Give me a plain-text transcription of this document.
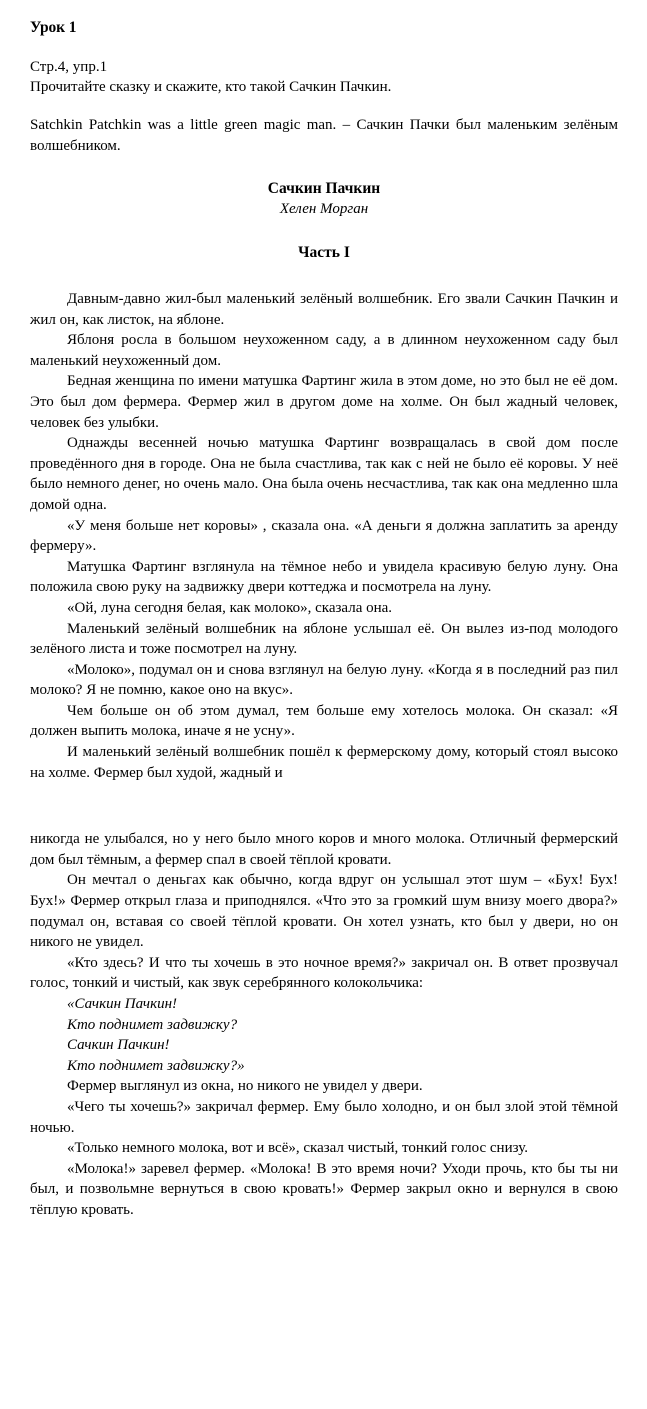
Урок 1

Стр.4, упр.1

Прочитайте сказку и скажите, кто такой Сачкин Пачкин.

Satchkin Patchkin was a little green magic man. – Сачкин Пачки был маленьким зелёным волшебником.

Сачкин Пачкин

Хелен Морган

Часть I

Давным-давно жил-был маленький зелёный волшебник. Его звали Сачкин Пачкин и жил он, как листок, на яблоне.

Яблоня росла в большом неухоженном саду, а в длинном неухоженном саду был маленький неухоженный дом.

Бедная женщина по имени матушка Фартинг жила в этом доме, но это был не её дом. Это был дом фермера. Фермер жил в другом доме на холме. Он был жадный человек, человек без улыбки.

Однажды весенней ночью матушка Фартинг возвращалась в свой дом после проведённого дня в городе. Она не была счастлива, так как с ней не было её коровы. У неё было немного денег, но очень мало. Она была очень несчастлива, так как она медленно шла домой одна.

«У меня больше нет коровы» , сказала она. «А деньги я должна заплатить за аренду фермеру».

Матушка Фартинг взглянула на тёмное небо и увидела красивую белую луну. Она положила свою руку на задвижку двери коттеджа и посмотрела на луну.

«Ой, луна сегодня белая, как молоко», сказала она.

Маленький зелёный волшебник на яблоне услышал её. Он вылез из-под молодого зелёного листа и тоже посмотрел на луну.

«Молоко», подумал он и снова взглянул на белую луну. «Когда я в последний раз пил молоко? Я не помню, какое оно на вкус».

Чем больше он об этом думал, тем больше ему хотелось молока. Он сказал: «Я должен выпить молока, иначе я не усну».

И маленький зелёный волшебник пошёл к фермерскому дому, который стоял высоко на холме. Фермер был худой, жадный и

никогда не улыбался, но у него было много коров и много молока. Отличный фермерский дом был тёмным, а фермер спал в своей тёплой кровати.

Он мечтал о деньгах как обычно, когда вдруг он услышал этот шум – «Бух! Бух! Бух!» Фермер открыл глаза и приподнялся. «Что это за громкий шум внизу моего двора?» подумал он, вставая со своей тёплой кровати. Он хотел узнать, кто был у двери, но он никого не увидел.

«Кто здесь? И что ты хочешь в это ночное время?» закричал он. В ответ прозвучал голос, тонкий и чистый, как звук серебрянного колокольчика:

«Сачкин Пачкин!

Кто поднимет задвижку?

Сачкин Пачкин!

Кто поднимет задвижку?»

Фермер выглянул из окна, но никого не увидел у двери.

«Чего ты хочешь?» закричал фермер. Ему было холодно, и он был злой этой тёмной ночью.

«Только немного молока, вот и всё», сказал чистый, тонкий голос снизу.

«Молока!» заревел фермер. «Молока! В это время ночи? Уходи прочь, кто бы ты ни был, и позвольмне вернуться в свою кровать!» Фермер закрыл окно и вернулся в свою тёплую кровать.
